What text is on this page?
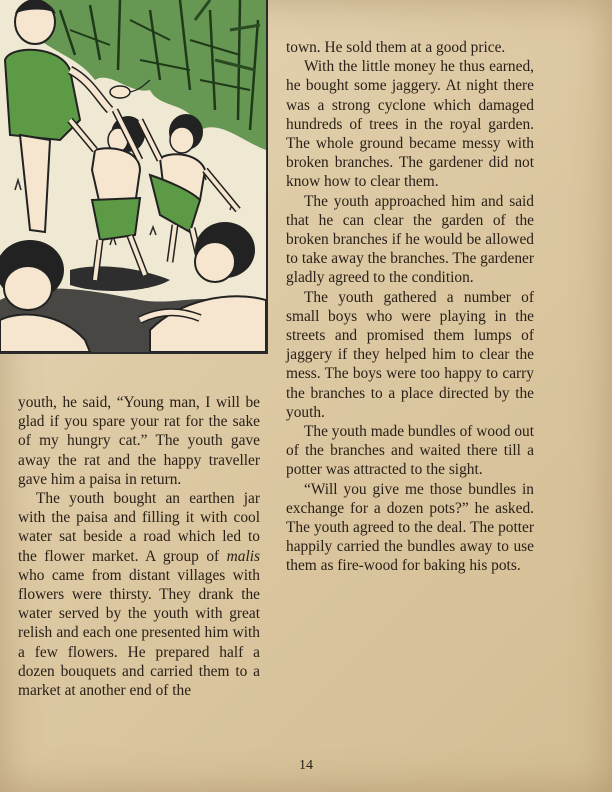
youth, he said, “Young man, I will be glad if you spare your rat for the sake of my hungry cat.” The youth gave away the rat and the happy traveller gave him a paisa in return.

The youth bought an earthen jar with the paisa and filling it with cool water sat beside a road which led to the flower market. A group of malis who came from distant villages with flowers were thirsty. They drank the water served by the youth with great relish and each one presented him with a few flowers. He prepared half a dozen bouquets and carried them to a market at another end of the

town. He sold them at a good price.

With the little money he thus earned, he bought some jaggery. At night there was a strong cyclone which damaged hundreds of trees in the royal garden. The whole ground became messy with broken branches. The gardener did not know how to clear them.

The youth approached him and said that he can clear the garden of the broken branches if he would be allowed to take away the branches. The gardener gladly agreed to the condition.

The youth gathered a number of small boys who were playing in the streets and promised them lumps of jaggery if they helped him to clear the mess. The boys were too happy to carry the branches to a place directed by the youth.

The youth made bundles of wood out of the branches and waited there till a potter was attracted to the sight.

“Will you give me those bundles in exchange for a dozen pots?” he asked. The youth agreed to the deal. The potter happily carried the bundles away to use them as fire-wood for baking his pots.

14
